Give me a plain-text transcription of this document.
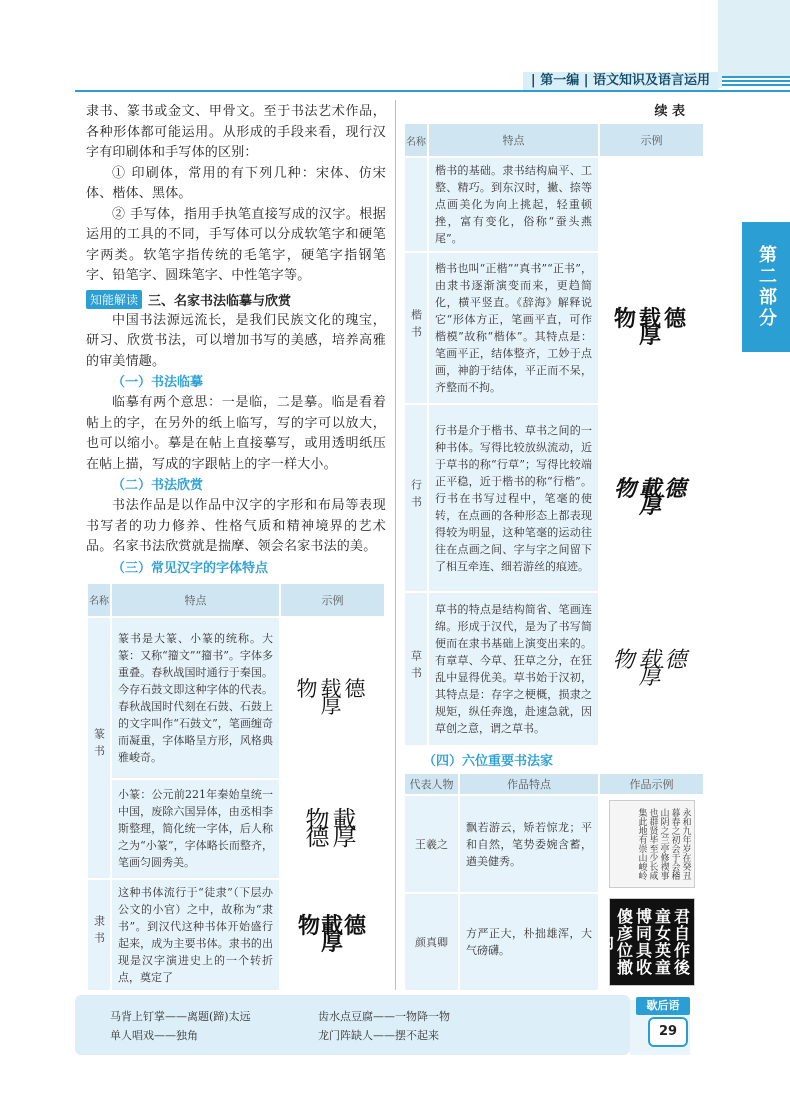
| 第一编 | 语文知识及语言运用
第二部分
隶书、篆书或金文、甲骨文。至于书法艺术作品，各种形体都可能运用。从形成的手段来看，现行汉字有印刷体和手写体的区别：
① 印刷体，常用的有下列几种：宋体、仿宋体、楷体、黑体。
② 手写体，指用手执笔直接写成的汉字。根据运用的工具的不同，手写体可以分成软笔字和硬笔字两类。软笔字指传统的毛笔字，硬笔字指钢笔字、铅笔字、圆珠笔字、中性笔字等。
知能解读 三、名家书法临摹与欣赏
中国书法源远流长，是我们民族文化的瑰宝，研习、欣赏书法，可以增加书写的美感，培养高雅的审美情趣。
（一）书法临摹
临摹有两个意思：一是临，二是摹。临是看着帖上的字，在另外的纸上临写，写的字可以放大，也可以缩小。摹是在帖上直接摹写，或用透明纸压在帖上描，写成的字跟帖上的字一样大小。
（二）书法欣赏
书法作品是以作品中汉字的字形和布局等表现书写者的功力修养、性格气质和精神境界的艺术品。名家书法欣赏就是揣摩、领会名家书法的美。
（三）常见汉字的字体特点
名称	特点	示例
篆书	篆书是大篆、小篆的统称。大篆：又称“籀文”“籀书”。字体多重叠。春秋战国时通行于秦国。今存石鼓文即这种字体的代表。春秋战国时代刻在石鼓、石鼓上的文字叫作“石鼓文”，笔画缠奇而凝重，字体略呈方形，风格典雅峻奇。	物载德厚
	小篆：公元前221年秦始皇统一中国，废除六国异体，由丞相李斯整理，简化统一字体，后人称之为“小篆”，字体略长而整齐，笔画匀圆秀美。	物載德厚
隶书	这种书体流行于“徒隶”（下层办公文的小官）之中，故称为“隶书”。到汉代这种书体开始盛行起来，成为主要书体。隶书的出现是汉字演进史上的一个转折点，奠定了	物載德厚
续 表
名称	特点	示例
	楷书的基础。隶书结构扁平、工整、精巧。到东汉时，撇、捺等点画美化为向上挑起，轻重顿挫，富有变化，俗称“蚕头燕尾”。	
楷书	楷书也叫“正楷”“真书”“正书”，由隶书逐渐演变而来，更趋简化，横平竖直。《辞海》解释说它“形体方正，笔画平直，可作楷模”故称“楷体”。其特点是：笔画平正，结体整齐，工妙于点画，神韵于结体，平正而不呆，齐整而不拘。	物载德厚
行书	行书是介于楷书、草书之间的一种书体。写得比较放纵流动，近于草书的称“行草”；写得比较端正平稳，近于楷书的称“行楷”。行书在书写过程中，笔毫的使转，在点画的各种形态上都表现得较为明显，这种笔毫的运动往往在点画之间、字与字之间留下了相互牵连、细若游丝的痕迹。	物載德厚
草书	草书的特点是结构简省、笔画连绵。形成于汉代，是为了书写简便而在隶书基础上演变出来的。有章草、今草、狂草之分，在狂乱中显得优美。草书始于汉初，其特点是：存字之梗概，损隶之规矩，纵任奔逸，赴速急就，因草创之意，谓之草书。	物载德厚
（四）六位重要书法家
代表人物	作品特点	作品示例
王羲之	飘若游云，矫若惊龙；平和自然，笔势委婉含蓄，遒美健秀。	永和九年岁在癸丑暮春之初会于会稽山阴之兰亭修禊事也群贤毕至少长咸集此地有崇山峻岭

颜真卿	方严正大，朴拙雄浑，大气磅礴。	君自作後童女英童博同具收傻彦位撤内
马背上钉掌——离题(蹄)太远	齿水点豆腐——一物降一物
单人唱戏——独角	龙门阵缺人——摆不起来
歇后语
29
